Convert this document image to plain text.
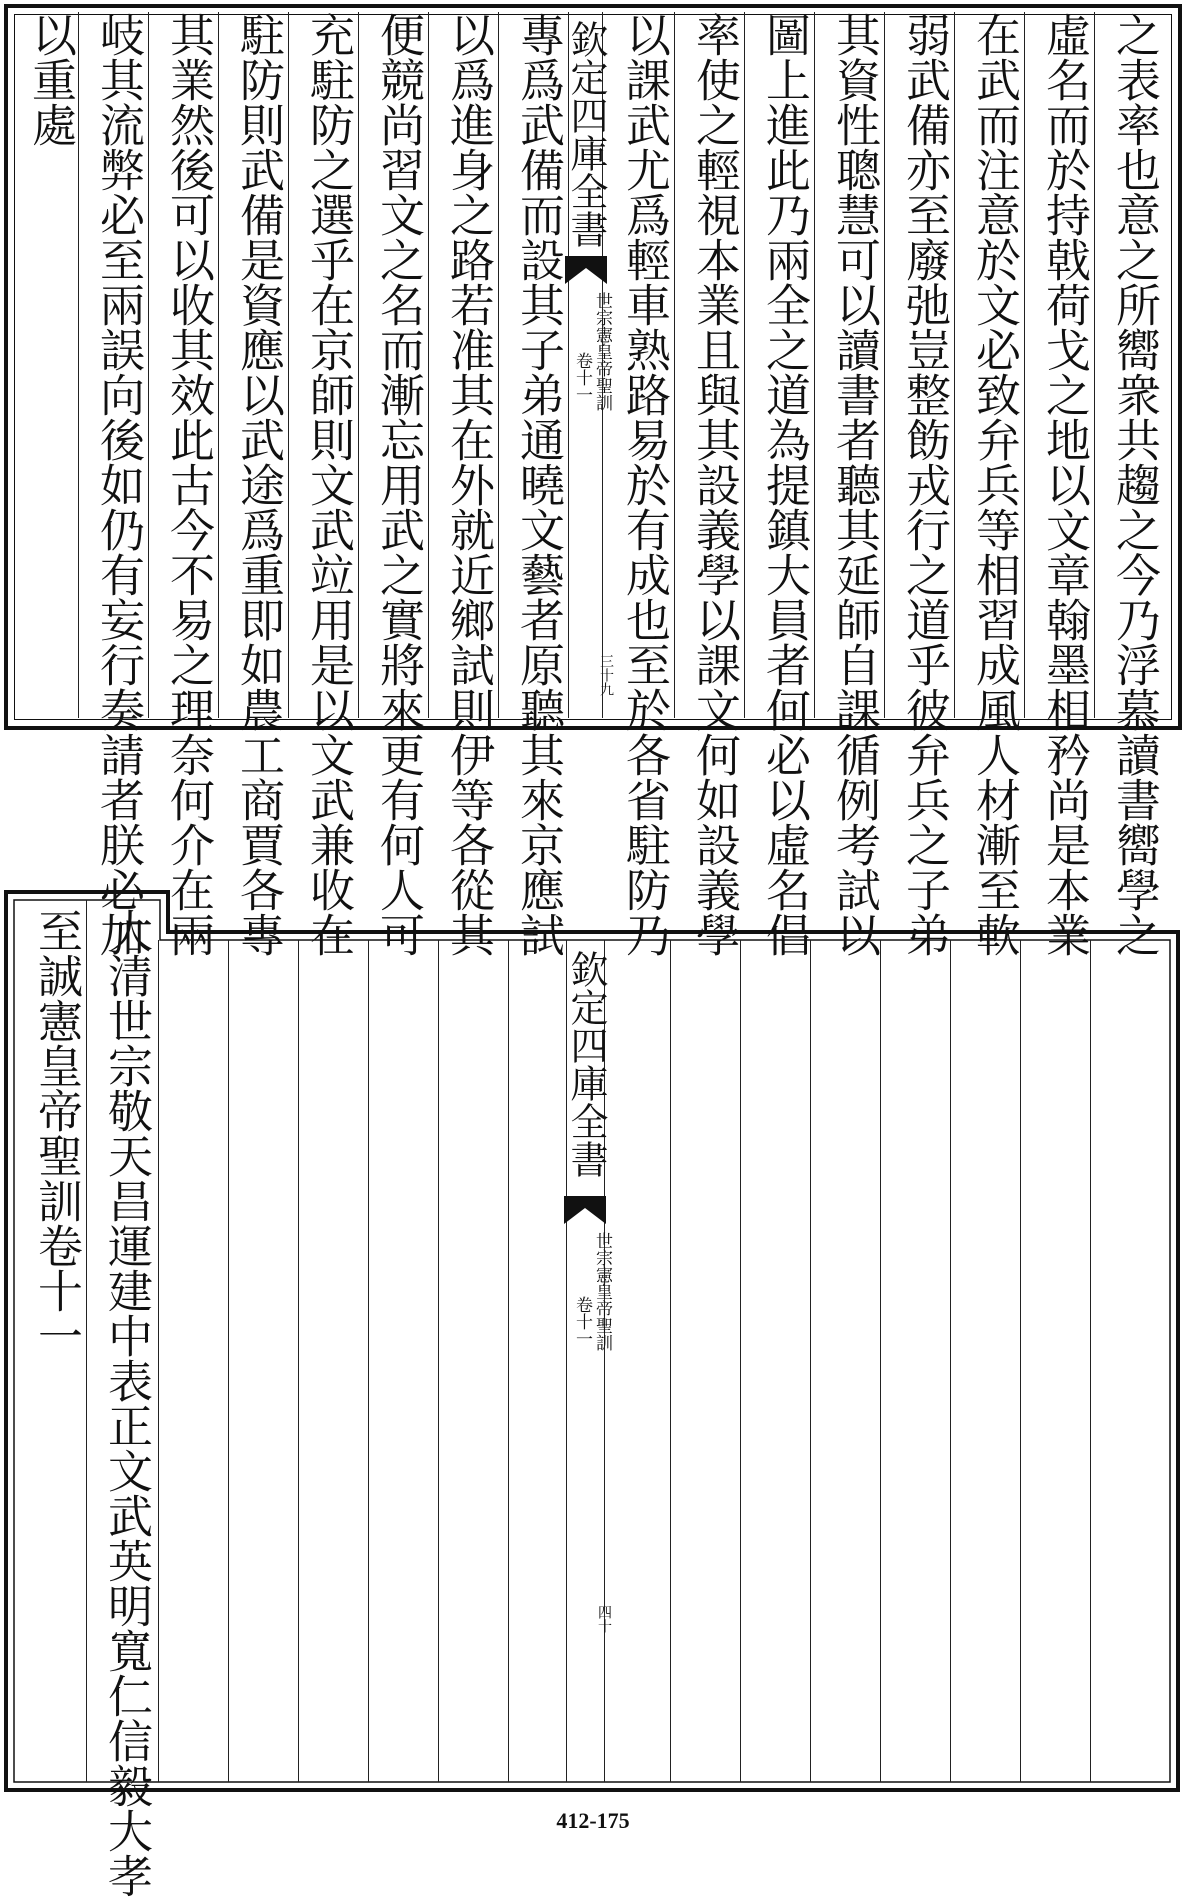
之表率也意之所嚮衆共趨之今乃浮慕讀書嚮學之
虛名而於持戟荷戈之地以文章翰墨相矜尚是本業
在武而注意於文必致弁兵等相習成風人材漸至軟
弱武備亦至廢弛豈整飭戎行之道乎彼弁兵之子弟
其資性聰慧可以讀書者聽其延師自課循例考試以
圖上進此乃兩全之道為提鎮大員者何必以虛名倡
率使之輕視本業且與其設義學以課文何如設義學
以課武尤爲輕車熟路易於有成也至於各省駐防乃
欽定四庫全書
世宗憲皇帝聖訓
卷十一
三十九
專爲武備而設其子弟通曉文藝者原聽其來京應試
以爲進身之路若准其在外就近鄉試則伊等各從其
便競尚習文之名而漸忘用武之實將來更有何人可
充駐防之選乎在京師則文武竝用是以文武兼收在
駐防則武備是資應以武途爲重即如農工商賈各專
其業然後可以收其效此古今不易之理奈何介在兩
岐其流弊必至兩誤向後如仍有妄行奏請者朕必加
以重處
大清世宗敬天昌運建中表正文武英明寬仁信毅大孝
至誠憲皇帝聖訓卷十一	欽定四庫全書
世宗憲皇帝聖訓
卷十一
四十
412-175
